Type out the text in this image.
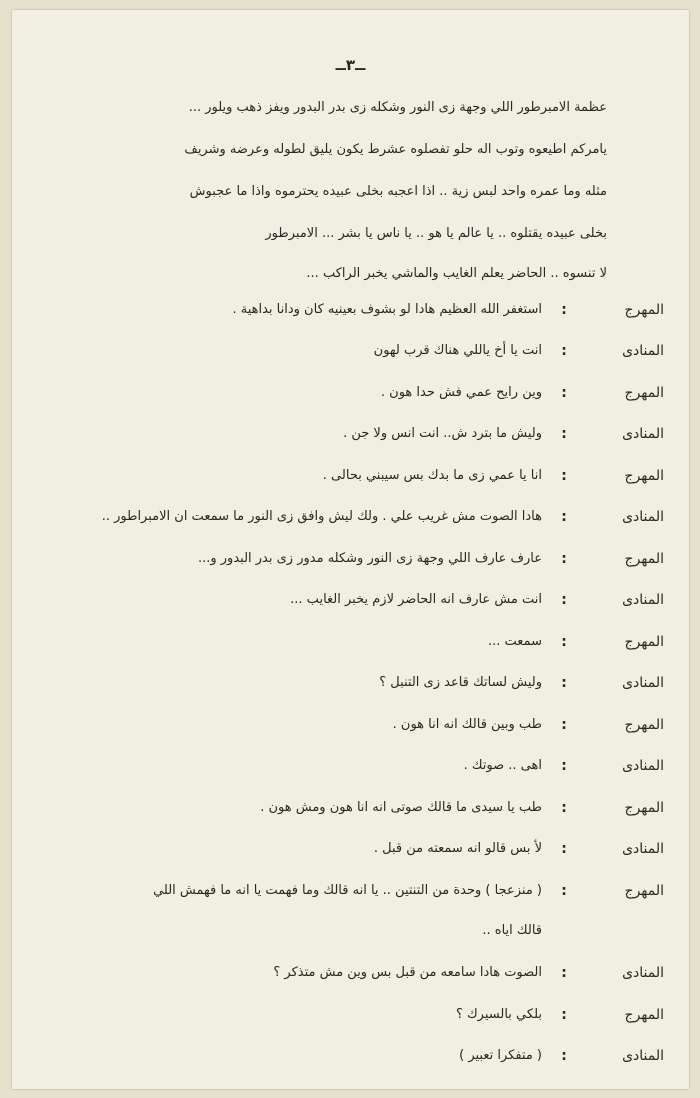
ــ٣ــ
عظمة الامبرطور اللي وجهة زى النور وشكله زى بدر البدور ويفز ذهب ويلور ...
يامركم اطيعوه وتوب اله حلو تفصلوه عشرط يكون يليق لطوله وعرضه وشريف
مثله وما عمره واحد لبس زية .. اذا اعجبه بخلى عبيده يحترموه واذا ما عجبوش
بخلى عبيده يقتلوه .. يا عالم يا هو .. يا ناس يا بشر ... الامبرطور
لا تنسوه .. الحاضر يعلم الغايب والماشي يخبر الراكب ...
المهرج
:
استغفر الله العظيم هادا لو بشوف بعينيه كان ودانا بداهية .
المنادى
:
انت يا أخ ياللي هناك قرب لهون
المهرج
:
وين رايح عمي فش حدا هون .
المنادى
:
وليش ما بترد ش.. انت انس ولا جن .
المهرج
:
انا يا عمي زى ما بدك بس سيبني بحالى .
المنادى
:
هادا الصوت مش غريب علي . ولك ليش وافق زى النور ما سمعت ان الامبراطور ..
المهرج
:
عارف عارف اللي وجهة زى النور وشكله مدور زى بدر البدور و...
المنادى
:
انت مش عارف انه الحاضر لازم يخبر الغايب ...
المهرج
:
سمعت ...
المنادى
:
وليش لساتك قاعد زى التنبل ؟
المهرج
:
طب وبين قالك انه انا هون .
المنادى
:
اهى .. صوتك .
المهرج
:
طب يا سيدى ما قالك صوتى انه انا هون ومش هون .
المنادى
:
لأ بس قالو انه سمعته من قبل .
المهرج
:
( منزعجا ) وحدة من التنتين .. يا انه قالك وما فهمت يا انه ما فهمش اللي
قالك اياه ..
المنادى
:
الصوت هادا سامعه من قبل بس وين مش متذكر ؟
المهرج
:
بلكي بالسيرك ؟
المنادى
:
( متفكرا تعبير )
